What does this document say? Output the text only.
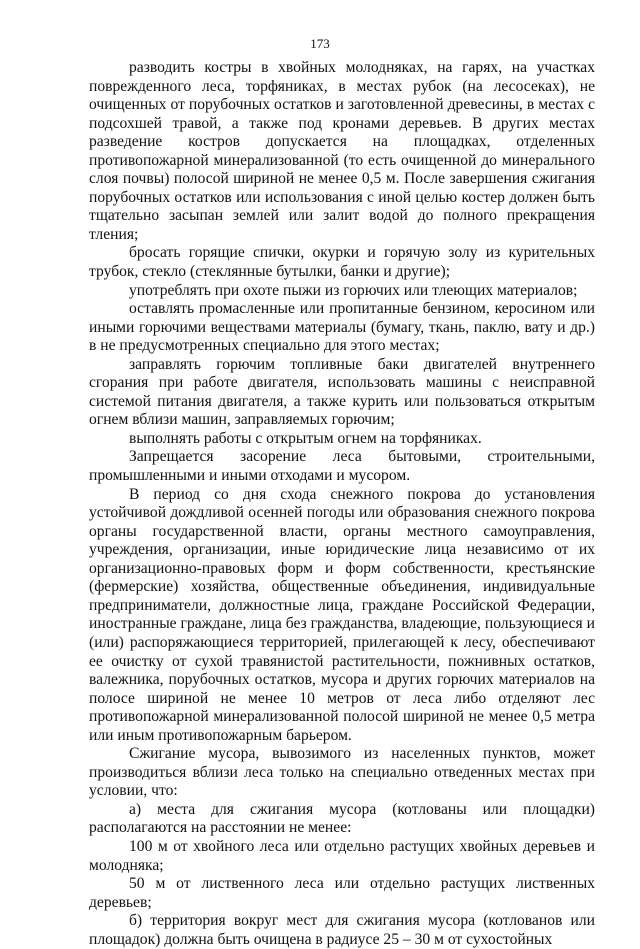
173

разводить костры в хвойных молодняках, на гарях, на участках поврежденного леса, торфяниках, в местах рубок (на лесосеках), не очищенных от порубочных остатков и заготовленной древесины, в местах с подсохшей травой, а также под кронами деревьев. В других местах разведение костров допускается на площадках, отделенных противопожарной минерализованной (то есть очищенной до минерального слоя почвы) полосой шириной не менее 0,5 м. После завершения сжигания порубочных остатков или использования с иной целью костер должен быть тщательно засыпан землей или залит водой до полного прекращения тления;

бросать горящие спички, окурки и горячую золу из курительных трубок, стекло (стеклянные бутылки, банки и другие);

употреблять при охоте пыжи из горючих или тлеющих материалов;

оставлять промасленные или пропитанные бензином, керосином или иными горючими веществами материалы (бумагу, ткань, паклю, вату и др.) в не предусмотренных специально для этого местах;

заправлять горючим топливные баки двигателей внутреннего сгорания при работе двигателя, использовать машины с неисправной системой питания двигателя, а также курить или пользоваться открытым огнем вблизи машин, заправляемых горючим;

выполнять работы с открытым огнем на торфяниках.

Запрещается засорение леса бытовыми, строительными, промышленными и иными отходами и мусором.

В период со дня схода снежного покрова до установления устойчивой дождливой осенней погоды или образования снежного покрова органы государственной власти, органы местного самоуправления, учреждения, организации, иные юридические лица независимо от их организационно-правовых форм и форм собственности, крестьянские (фермерские) хозяйства, общественные объединения, индивидуальные предприниматели, должностные лица, граждане Российской Федерации, иностранные граждане, лица без гражданства, владеющие, пользующиеся и (или) распоряжающиеся территорией, прилегающей к лесу, обеспечивают ее очистку от сухой травянистой растительности, пожнивных остатков, валежника, порубочных остатков, мусора и других горючих материалов на полосе шириной не менее 10 метров от леса либо отделяют лес противопожарной минерализованной полосой шириной не менее 0,5 метра или иным противопожарным барьером.

Сжигание мусора, вывозимого из населенных пунктов, может производиться вблизи леса только на специально отведенных местах при условии, что:

а) места для сжигания мусора (котлованы или площадки) располагаются на расстоянии не менее:

100 м от хвойного леса или отдельно растущих хвойных деревьев и молодняка;

50 м от лиственного леса или отдельно растущих лиственных деревьев;

б) территория вокруг мест для сжигания мусора (котлованов или площадок) должна быть очищена в радиусе 25 – 30 м от сухостойных
